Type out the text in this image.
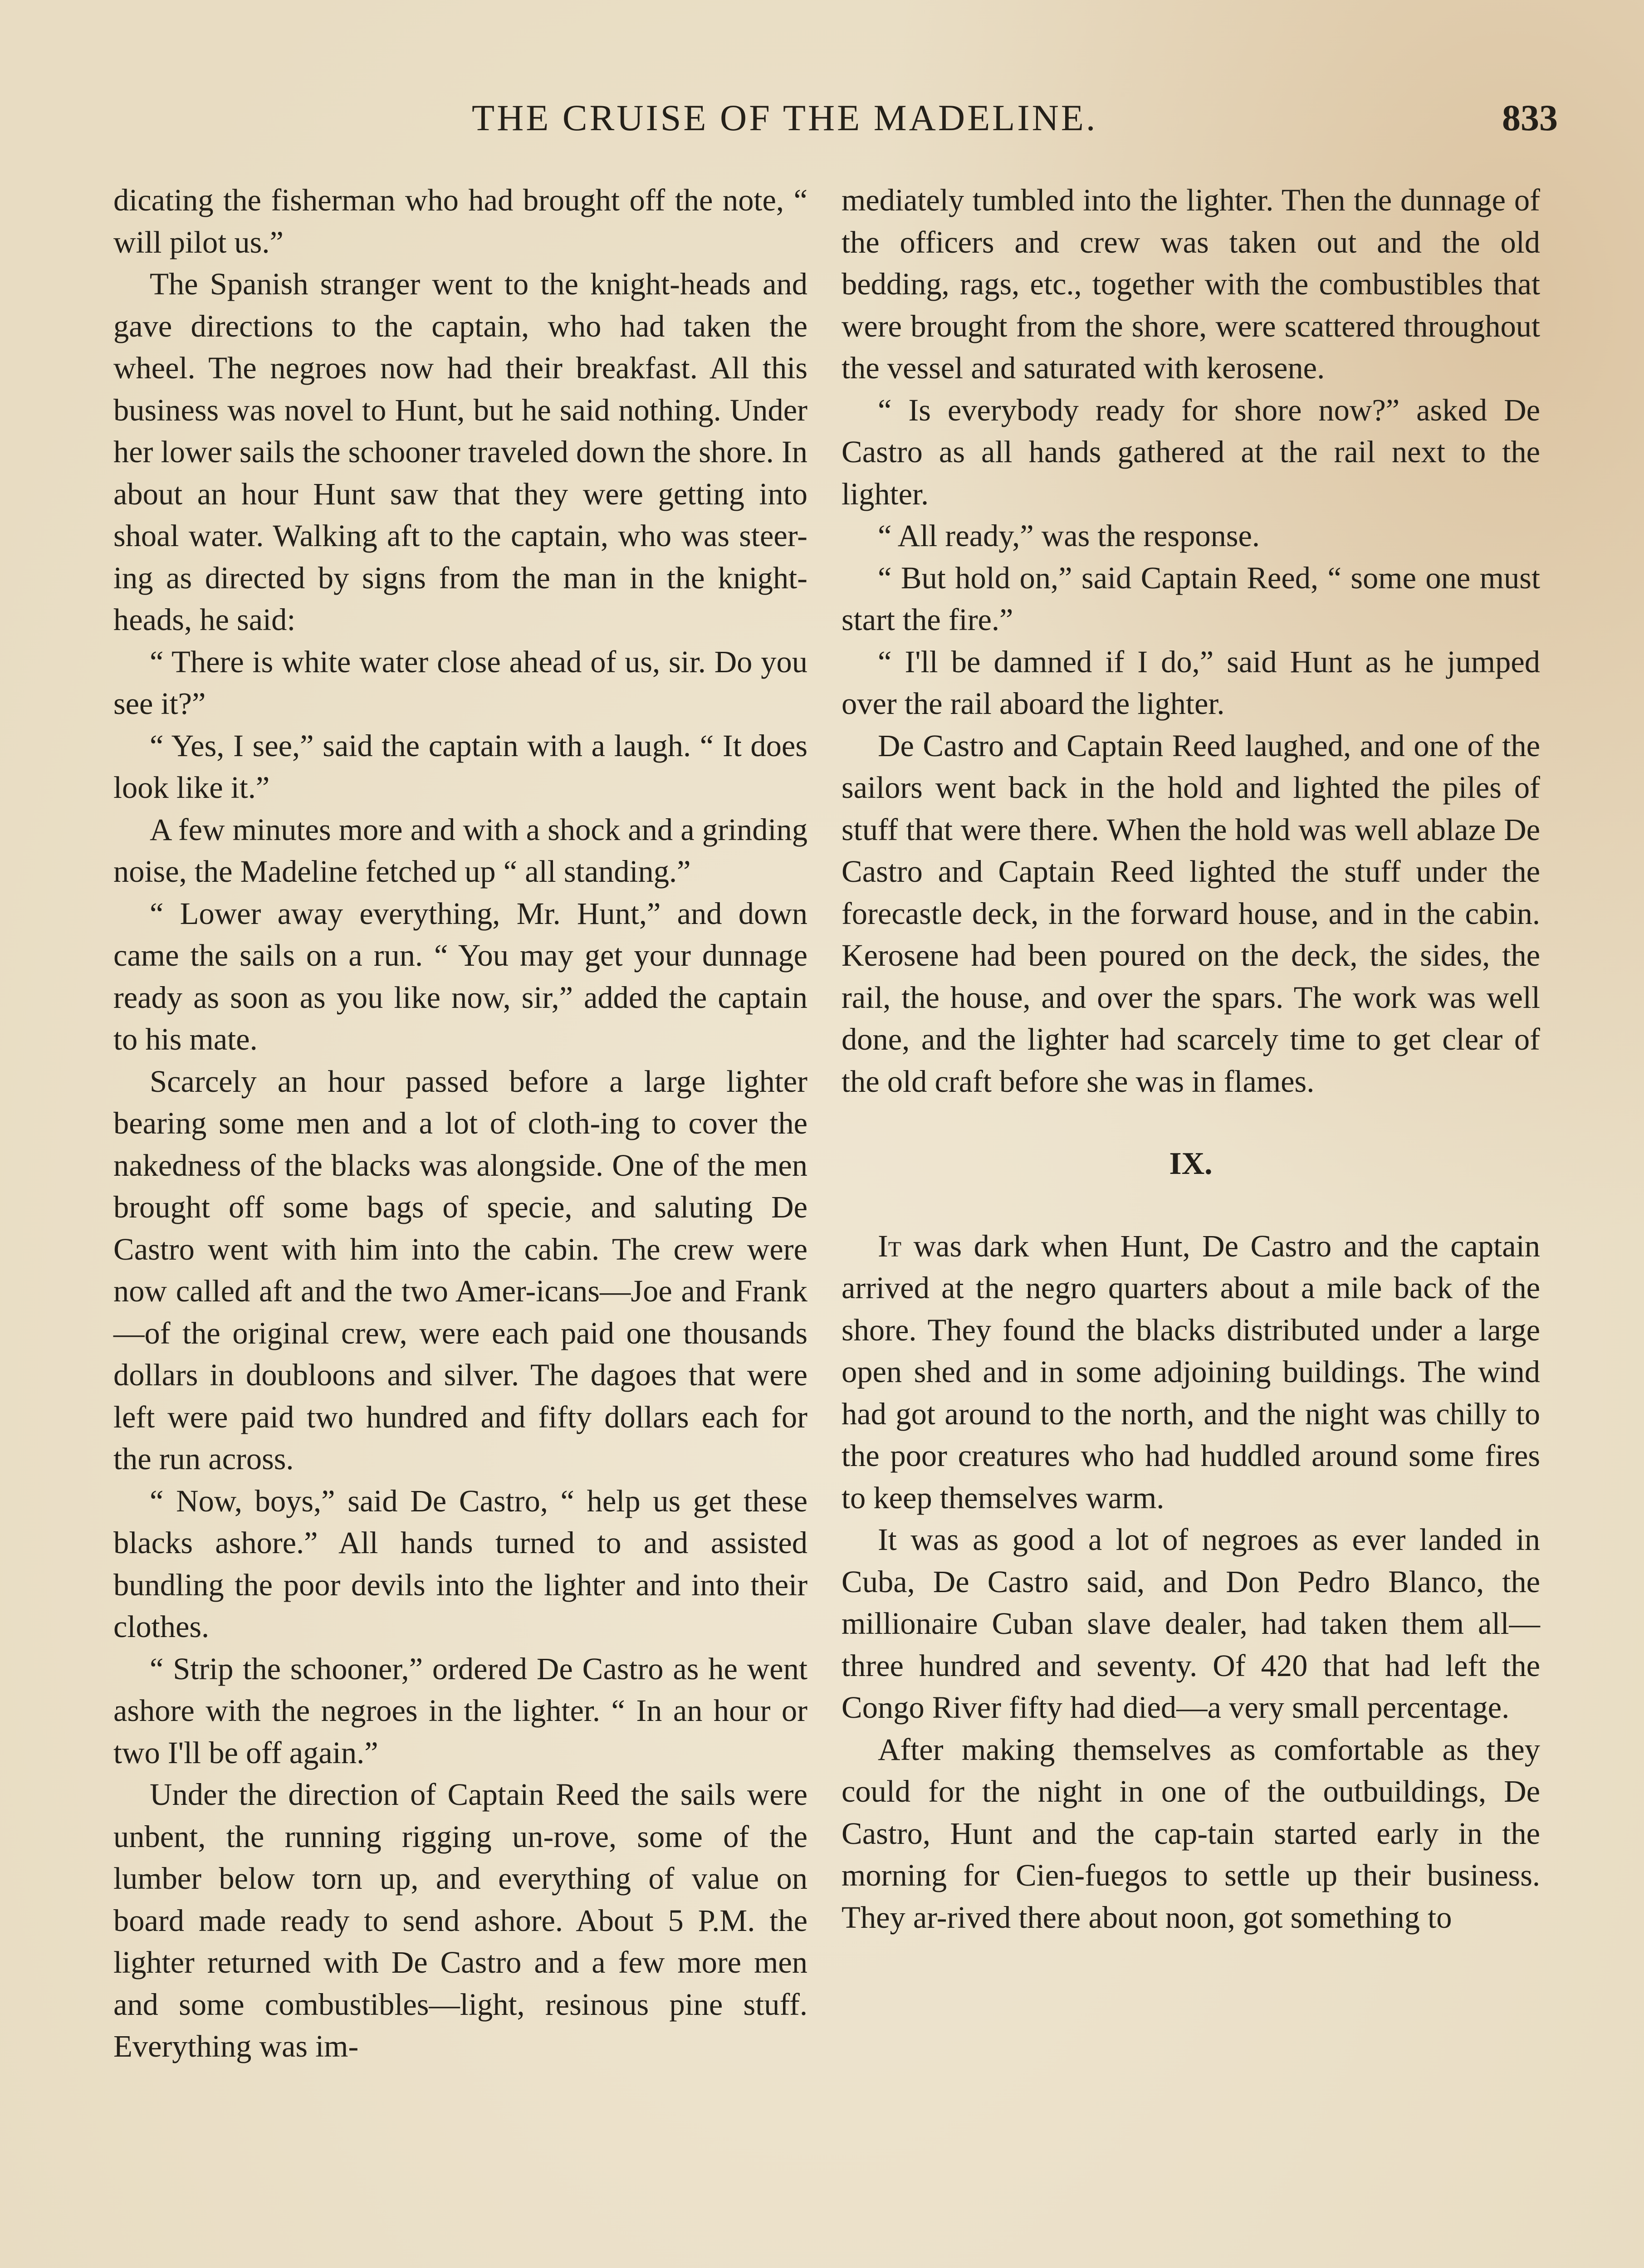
THE CRUISE OF THE MADELINE.	833

dicating the fisherman who had brought off the note, “ will pilot us.”

The Spanish stranger went to the knight-heads and gave directions to the captain, who had taken the wheel. The negroes now had their breakfast. All this business was novel to Hunt, but he said nothing. Under her lower sails the schooner traveled down the shore. In about an hour Hunt saw that they were getting into shoal water. Walking aft to the captain, who was steer-ing as directed by signs from the man in the knight-heads, he said:

“ There is white water close ahead of us, sir. Do you see it?”

“ Yes, I see,” said the captain with a laugh. “ It does look like it.”

A few minutes more and with a shock and a grinding noise, the Madeline fetched up “ all standing.”

“ Lower away everything, Mr. Hunt,” and down came the sails on a run. “ You may get your dunnage ready as soon as you like now, sir,” added the captain to his mate.

Scarcely an hour passed before a large lighter bearing some men and a lot of cloth-ing to cover the nakedness of the blacks was alongside. One of the men brought off some bags of specie, and saluting De Castro went with him into the cabin. The crew were now called aft and the two Amer-icans—Joe and Frank—of the original crew, were each paid one thousands dollars in doubloons and silver. The dagoes that were left were paid two hundred and fifty dollars each for the run across.

“ Now, boys,” said De Castro, “ help us get these blacks ashore.” All hands turned to and assisted bundling the poor devils into the lighter and into their clothes.

“ Strip the schooner,” ordered De Castro as he went ashore with the negroes in the lighter. “ In an hour or two I'll be off again.”

Under the direction of Captain Reed the sails were unbent, the running rigging un-rove, some of the lumber below torn up, and everything of value on board made ready to send ashore. About 5 P.M. the lighter returned with De Castro and a few more men and some combustibles—light, resinous pine stuff. Everything was im-

mediately tumbled into the lighter. Then the dunnage of the officers and crew was taken out and the old bedding, rags, etc., together with the combustibles that were brought from the shore, were scattered throughout the vessel and saturated with kerosene.

“ Is everybody ready for shore now?” asked De Castro as all hands gathered at the rail next to the lighter.

“ All ready,” was the response.

“ But hold on,” said Captain Reed, “ some one must start the fire.”

“ I'll be damned if I do,” said Hunt as he jumped over the rail aboard the lighter.

De Castro and Captain Reed laughed, and one of the sailors went back in the hold and lighted the piles of stuff that were there. When the hold was well ablaze De Castro and Captain Reed lighted the stuff under the forecastle deck, in the forward house, and in the cabin. Kerosene had been poured on the deck, the sides, the rail, the house, and over the spars. The work was well done, and the lighter had scarcely time to get clear of the old craft before she was in flames.

IX.

It was dark when Hunt, De Castro and the captain arrived at the negro quarters about a mile back of the shore. They found the blacks distributed under a large open shed and in some adjoining buildings. The wind had got around to the north, and the night was chilly to the poor creatures who had huddled around some fires to keep themselves warm.

It was as good a lot of negroes as ever landed in Cuba, De Castro said, and Don Pedro Blanco, the millionaire Cuban slave dealer, had taken them all—three hundred and seventy. Of 420 that had left the Congo River fifty had died—a very small percentage.

After making themselves as comfortable as they could for the night in one of the outbuildings, De Castro, Hunt and the cap-tain started early in the morning for Cien-fuegos to settle up their business. They ar-rived there about noon, got something to
